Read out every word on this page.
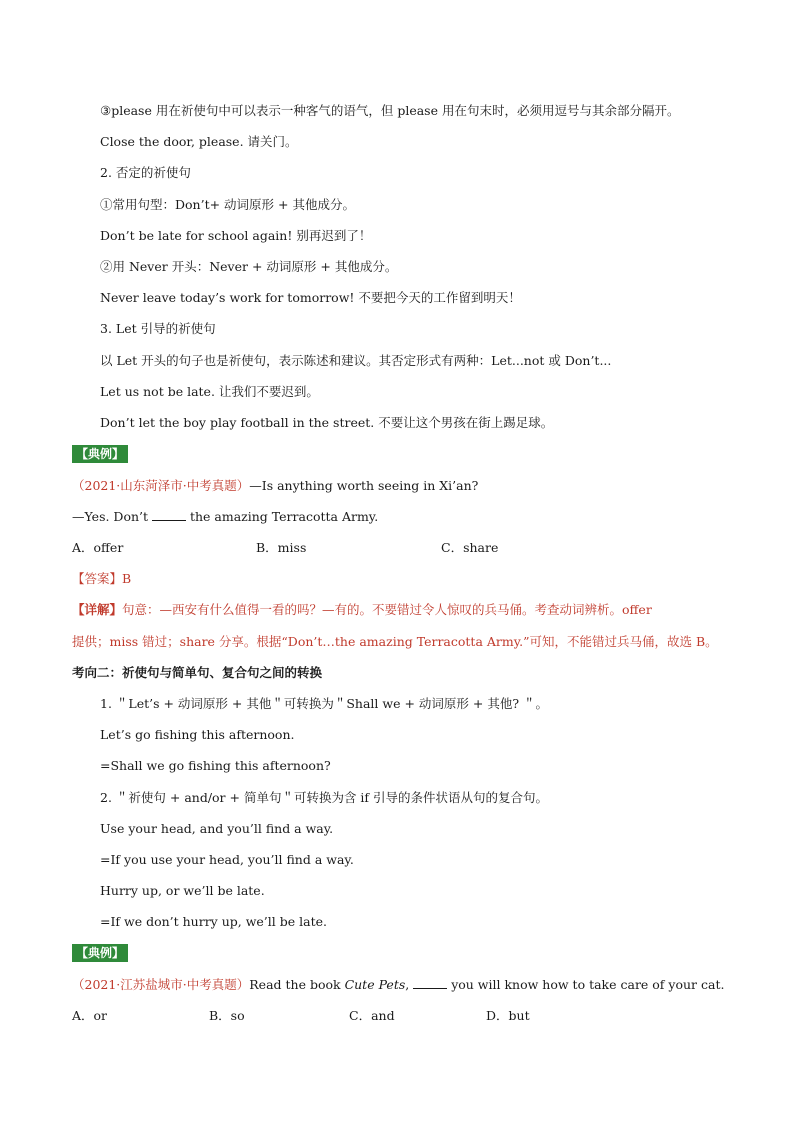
③please 用在祈使句中可以表示一种客气的语气，但 please 用在句末时，必须用逗号与其余部分隔开。
Close the door, please. 请关门。
2. 否定的祈使句
①常用句型：Don’t+ 动词原形 + 其他成分。
Don’t be late for school again! 别再迟到了！
②用 Never 开头：Never + 动词原形 + 其他成分。
Never leave today’s work for tomorrow! 不要把今天的工作留到明天！
3. Let 引导的祈使句
以 Let 开头的句子也是祈使句，表示陈述和建议。其否定形式有两种：Let...not 或 Don’t...
Let us not be late. 让我们不要迟到。
Don’t let the boy play football in the street. 不要让这个男孩在街上踢足球。
【典例】
（2021·山东菏泽市·中考真题）—Is anything worth seeing in Xi’an?
—Yes. Don’t	the amazing Terracotta Army.
A．offer	B．miss	C．share
【答案】B
【详解】句意：—西安有什么值得一看的吗？—有的。不要错过令人惊叹的兵马俑。考查动词辨析。offer
提供；miss 错过；share 分享。根据“Don’t…the amazing Terracotta Army.”可知，不能错过兵马俑，故选 B。
考向二：祈使句与简单句、复合句之间的转换
1. ＂Let’s + 动词原形 + 其他＂可转换为＂Shall we + 动词原形 + 其他? ＂。
Let’s go fishing this afternoon.
=Shall we go fishing this afternoon?
2. ＂祈使句 + and/or + 简单句＂可转换为含 if 引导的条件状语从句的复合句。
Use your head, and you’ll find a way.
=If you use your head, you’ll find a way.
Hurry up, or we’ll be late.
=If we don’t hurry up, we’ll be late.
【典例】
（2021·江苏盐城市·中考真题）Read the book Cute Pets,	you will know how to take care of your cat.
A．or	B．so	C．and	D．but
